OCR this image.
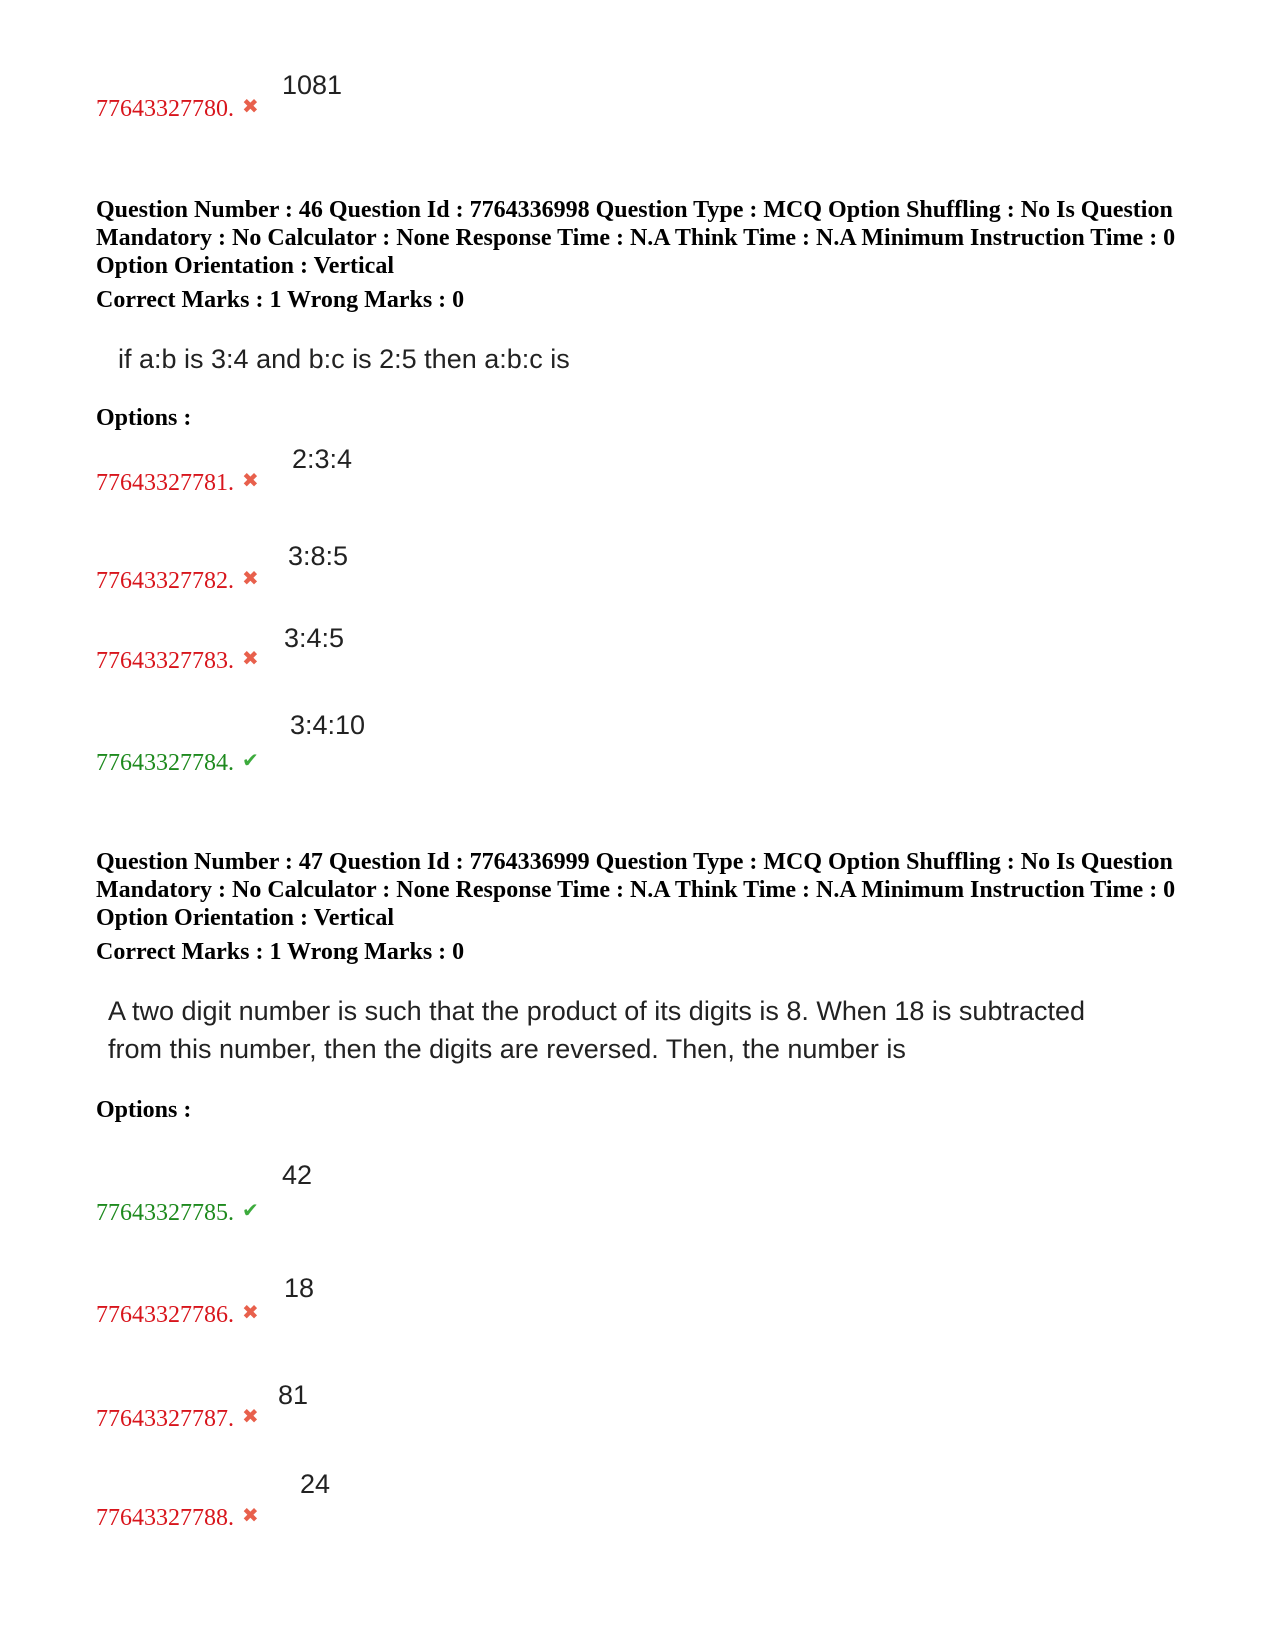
77643327780. ✖
1081
Question Number : 46 Question Id : 7764336998 Question Type : MCQ Option Shuffling : No Is Question Mandatory : No Calculator : None Response Time : N.A Think Time : N.A Minimum Instruction Time : 0 Option Orientation : Vertical
Correct Marks : 1 Wrong Marks : 0
if a:b is 3:4 and b:c is 2:5 then a:b:c is
Options :
77643327781. ✖
2:3:4
77643327782. ✖
3:8:5
77643327783. ✖
3:4:5
77643327784. ✔
3:4:10
Question Number : 47 Question Id : 7764336999 Question Type : MCQ Option Shuffling : No Is Question Mandatory : No Calculator : None Response Time : N.A Think Time : N.A Minimum Instruction Time : 0 Option Orientation : Vertical
Correct Marks : 1 Wrong Marks : 0
A two digit number is such that the product of its digits is 8. When 18 is subtracted
from this number, then the digits are reversed. Then, the number is
Options :
77643327785. ✔
42
77643327786. ✖
18
77643327787. ✖
81
77643327788. ✖
24
